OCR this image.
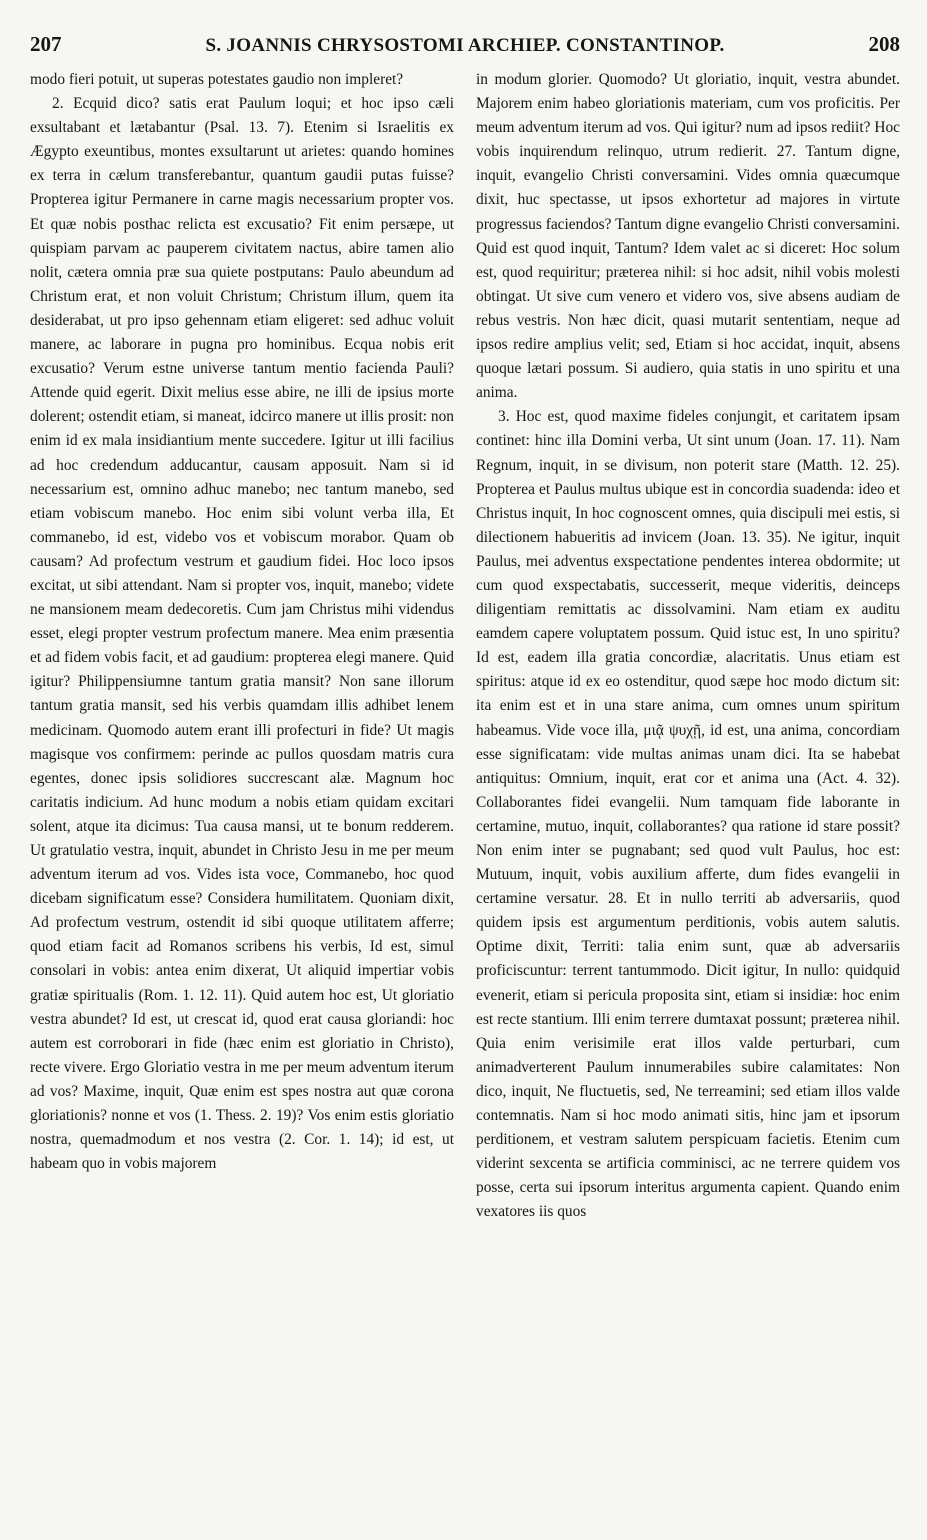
207	S. JOANNIS CHRYSOSTOMI ARCHIEP. CONSTANTINOP.	208

modo fieri potuit, ut superas potestates gaudio non impleret?

2. Ecquid dico? satis erat Paulum loqui; et hoc ipso cæli exsultabant et lætabantur (Psal. 13. 7). Etenim si Israelitis ex Ægypto exeuntibus, montes exsultarunt ut arietes: quando homines ex terra in cælum transferebantur, quantum gaudii putas fuisse? Propterea igitur Permanere in carne magis necessarium propter vos. Et quæ nobis posthac relicta est excusatio? Fit enim persæpe, ut quispiam parvam ac pauperem civitatem nactus, abire tamen alio nolit, cætera omnia præ sua quiete postputans: Paulo abeundum ad Christum erat, et non voluit Christum; Christum illum, quem ita desiderabat, ut pro ipso gehennam etiam eligeret: sed adhuc voluit manere, ac laborare in pugna pro hominibus. Ecqua nobis erit excusatio? Verum estne universe tantum mentio facienda Pauli? Attende quid egerit. Dixit melius esse abire, ne illi de ipsius morte dolerent; ostendit etiam, si maneat, idcirco manere ut illis prosit: non enim id ex mala insidiantium mente succedere. Igitur ut illi facilius ad hoc credendum adducantur, causam apposuit. Nam si id necessarium est, omnino adhuc manebo; nec tantum manebo, sed etiam vobiscum manebo. Hoc enim sibi volunt verba illa, Et commanebo, id est, videbo vos et vobiscum morabor. Quam ob causam? Ad profectum vestrum et gaudium fidei. Hoc loco ipsos excitat, ut sibi attendant. Nam si propter vos, inquit, manebo; videte ne mansionem meam dedecoretis. Cum jam Christus mihi videndus esset, elegi propter vestrum profectum manere. Mea enim præsentia et ad fidem vobis facit, et ad gaudium: propterea elegi manere. Quid igitur? Philippensiumne tantum gratia mansit? Non sane illorum tantum gratia mansit, sed his verbis quamdam illis adhibet lenem medicinam. Quomodo autem erant illi profecturi in fide? Ut magis magisque vos confirmem: perinde ac pullos quosdam matris cura egentes, donec ipsis solidiores succrescant alæ. Magnum hoc caritatis indicium. Ad hunc modum a nobis etiam quidam excitari solent, atque ita dicimus: Tua causa mansi, ut te bonum redderem. Ut gratulatio vestra, inquit, abundet in Christo Jesu in me per meum adventum iterum ad vos. Vides ista voce, Commanebo, hoc quod dicebam significatum esse? Considera humilitatem. Quoniam dixit, Ad profectum vestrum, ostendit id sibi quoque utilitatem afferre; quod etiam facit ad Romanos scribens his verbis, Id est, simul consolari in vobis: antea enim dixerat, Ut aliquid impertiar vobis gratiæ spiritualis (Rom. 1. 12. 11). Quid autem hoc est, Ut gloriatio vestra abundet? Id est, ut crescat id, quod erat causa gloriandi: hoc autem est corroborari in fide (hæc enim est gloriatio in Christo), recte vivere. Ergo Gloriatio vestra in me per meum adventum iterum ad vos? Maxime, inquit, Quæ enim est spes nostra aut quæ corona gloriationis? nonne et vos (1. Thess. 2. 19)? Vos enim estis gloriatio nostra, quemadmodum et nos vestra (2. Cor. 1. 14); id est, ut habeam quo in vobis majorem

in modum glorier. Quomodo? Ut gloriatio, inquit, vestra abundet. Majorem enim habeo gloriationis materiam, cum vos proficitis. Per meum adventum iterum ad vos. Qui igitur? num ad ipsos rediit? Hoc vobis inquirendum relinquo, utrum redierit. 27. Tantum digne, inquit, evangelio Christi conversamini. Vides omnia quæcumque dixit, huc spectasse, ut ipsos exhortetur ad majores in virtute progressus faciendos? Tantum digne evangelio Christi conversamini. Quid est quod inquit, Tantum? Idem valet ac si diceret: Hoc solum est, quod requiritur; præterea nihil: si hoc adsit, nihil vobis molesti obtingat. Ut sive cum venero et videro vos, sive absens audiam de rebus vestris. Non hæc dicit, quasi mutarit sententiam, neque ad ipsos redire amplius velit; sed, Etiam si hoc accidat, inquit, absens quoque lætari possum. Si audiero, quia statis in uno spiritu et una anima.

3. Hoc est, quod maxime fideles conjungit, et caritatem ipsam continet: hinc illa Domini verba, Ut sint unum (Joan. 17. 11). Nam Regnum, inquit, in se divisum, non poterit stare (Matth. 12. 25). Propterea et Paulus multus ubique est in concordia suadenda: ideo et Christus inquit, In hoc cognoscent omnes, quia discipuli mei estis, si dilectionem habueritis ad invicem (Joan. 13. 35). Ne igitur, inquit Paulus, mei adventus exspectatione pendentes interea obdormite; ut cum quod exspectabatis, successerit, meque videritis, deinceps diligentiam remittatis ac dissolvamini. Nam etiam ex auditu eamdem capere voluptatem possum. Quid istuc est, In uno spiritu? Id est, eadem illa gratia concordiæ, alacritatis. Unus etiam est spiritus: atque id ex eo ostenditur, quod sæpe hoc modo dictum sit: ita enim est et in una stare anima, cum omnes unum spiritum habeamus. Vide voce illa, μιᾷ ψυχῇ, id est, una anima, concordiam esse significatam: vide multas animas unam dici. Ita se habebat antiquitus: Omnium, inquit, erat cor et anima una (Act. 4. 32). Collaborantes fidei evangelii. Num tamquam fide laborante in certamine, mutuo, inquit, collaborantes? qua ratione id stare possit? Non enim inter se pugnabant; sed quod vult Paulus, hoc est: Mutuum, inquit, vobis auxilium afferte, dum fides evangelii in certamine versatur. 28. Et in nullo territi ab adversariis, quod quidem ipsis est argumentum perditionis, vobis autem salutis. Optime dixit, Territi: talia enim sunt, quæ ab adversariis proficiscuntur: terrent tantummodo. Dicit igitur, In nullo: quidquid evenerit, etiam si pericula proposita sint, etiam si insidiæ: hoc enim est recte stantium. Illi enim terrere dumtaxat possunt; præterea nihil. Quia enim verisimile erat illos valde perturbari, cum animadverterent Paulum innumerabiles subire calamitates: Non dico, inquit, Ne fluctuetis, sed, Ne terreamini; sed etiam illos valde contemnatis. Nam si hoc modo animati sitis, hinc jam et ipsorum perditionem, et vestram salutem perspicuam facietis. Etenim cum viderint sexcenta se artificia comminisci, ac ne terrere quidem vos posse, certa sui ipsorum interitus argumenta capient. Quando enim vexatores iis quos
